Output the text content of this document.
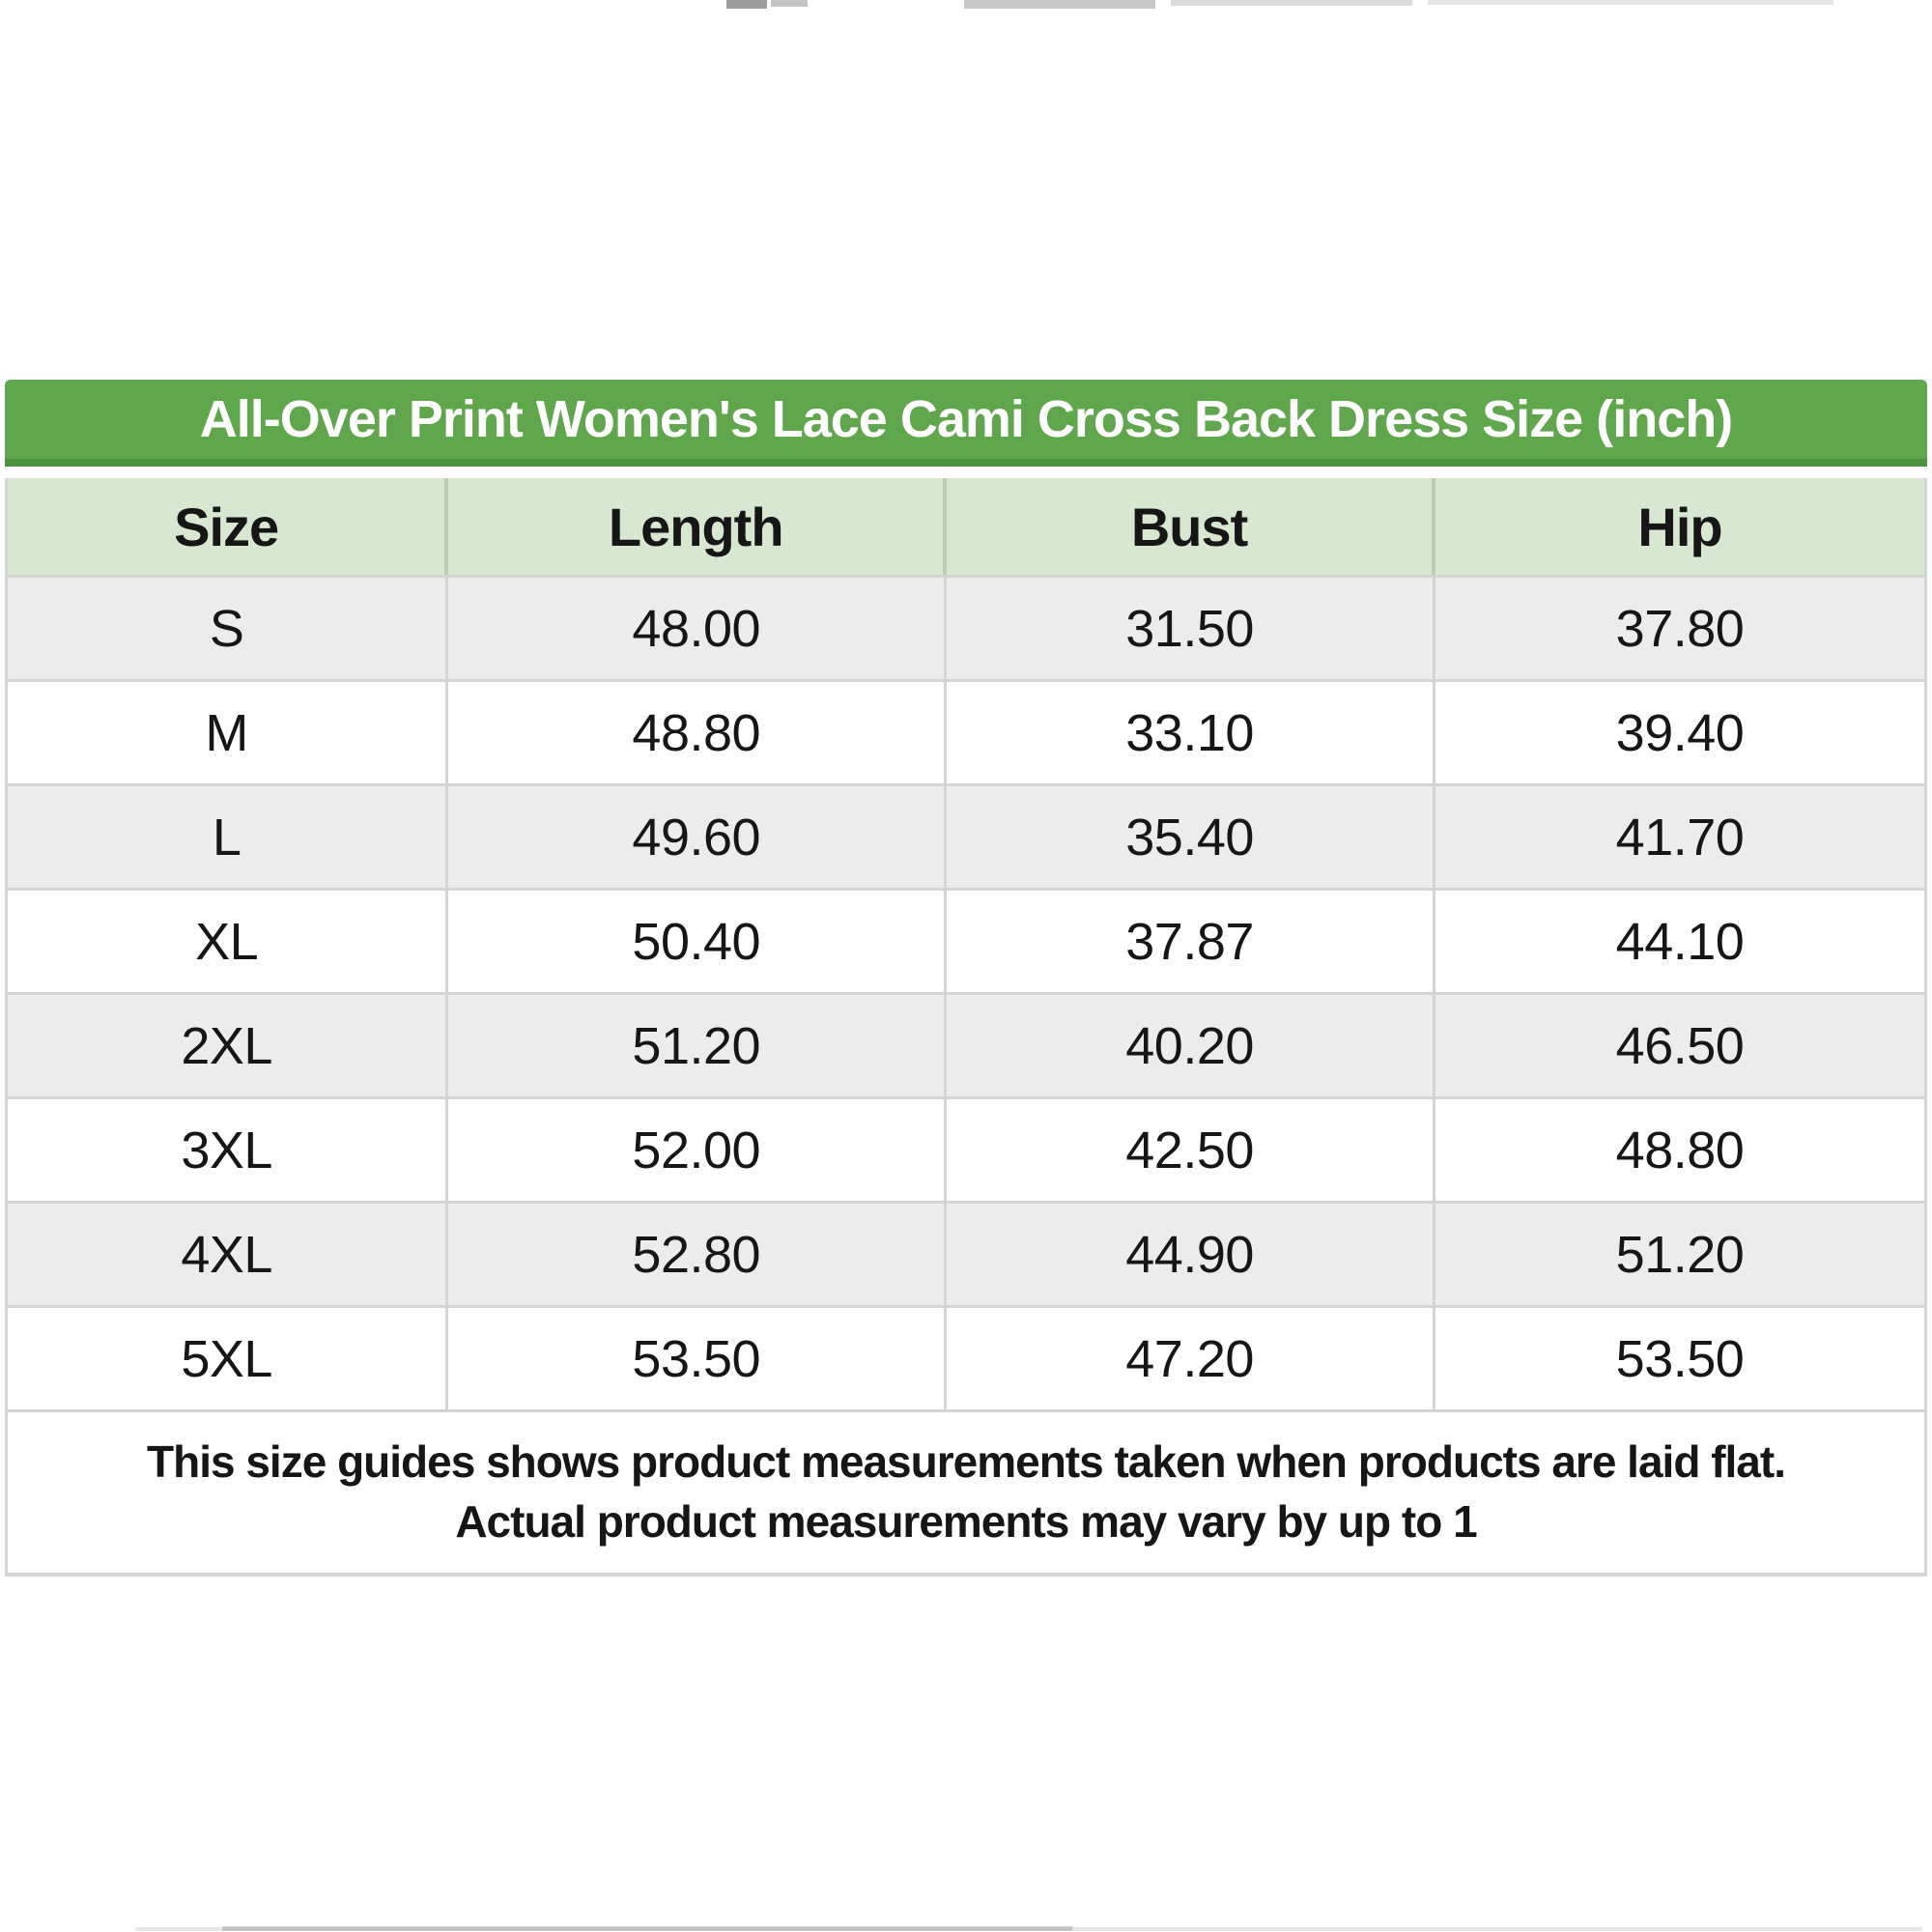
All-Over Print Women's Lace Cami Cross Back Dress Size (inch)
Size	Length	Bust	Hip
S	48.00	31.50	37.80
M	48.80	33.10	39.40
L	49.60	35.40	41.70
XL	50.40	37.87	44.10
2XL	51.20	40.20	46.50
3XL	52.00	42.50	48.80
4XL	52.80	44.90	51.20
5XL	53.50	47.20	53.50

This size guides shows product measurements taken when products are laid flat.

Actual product measurements may vary by up to 1
